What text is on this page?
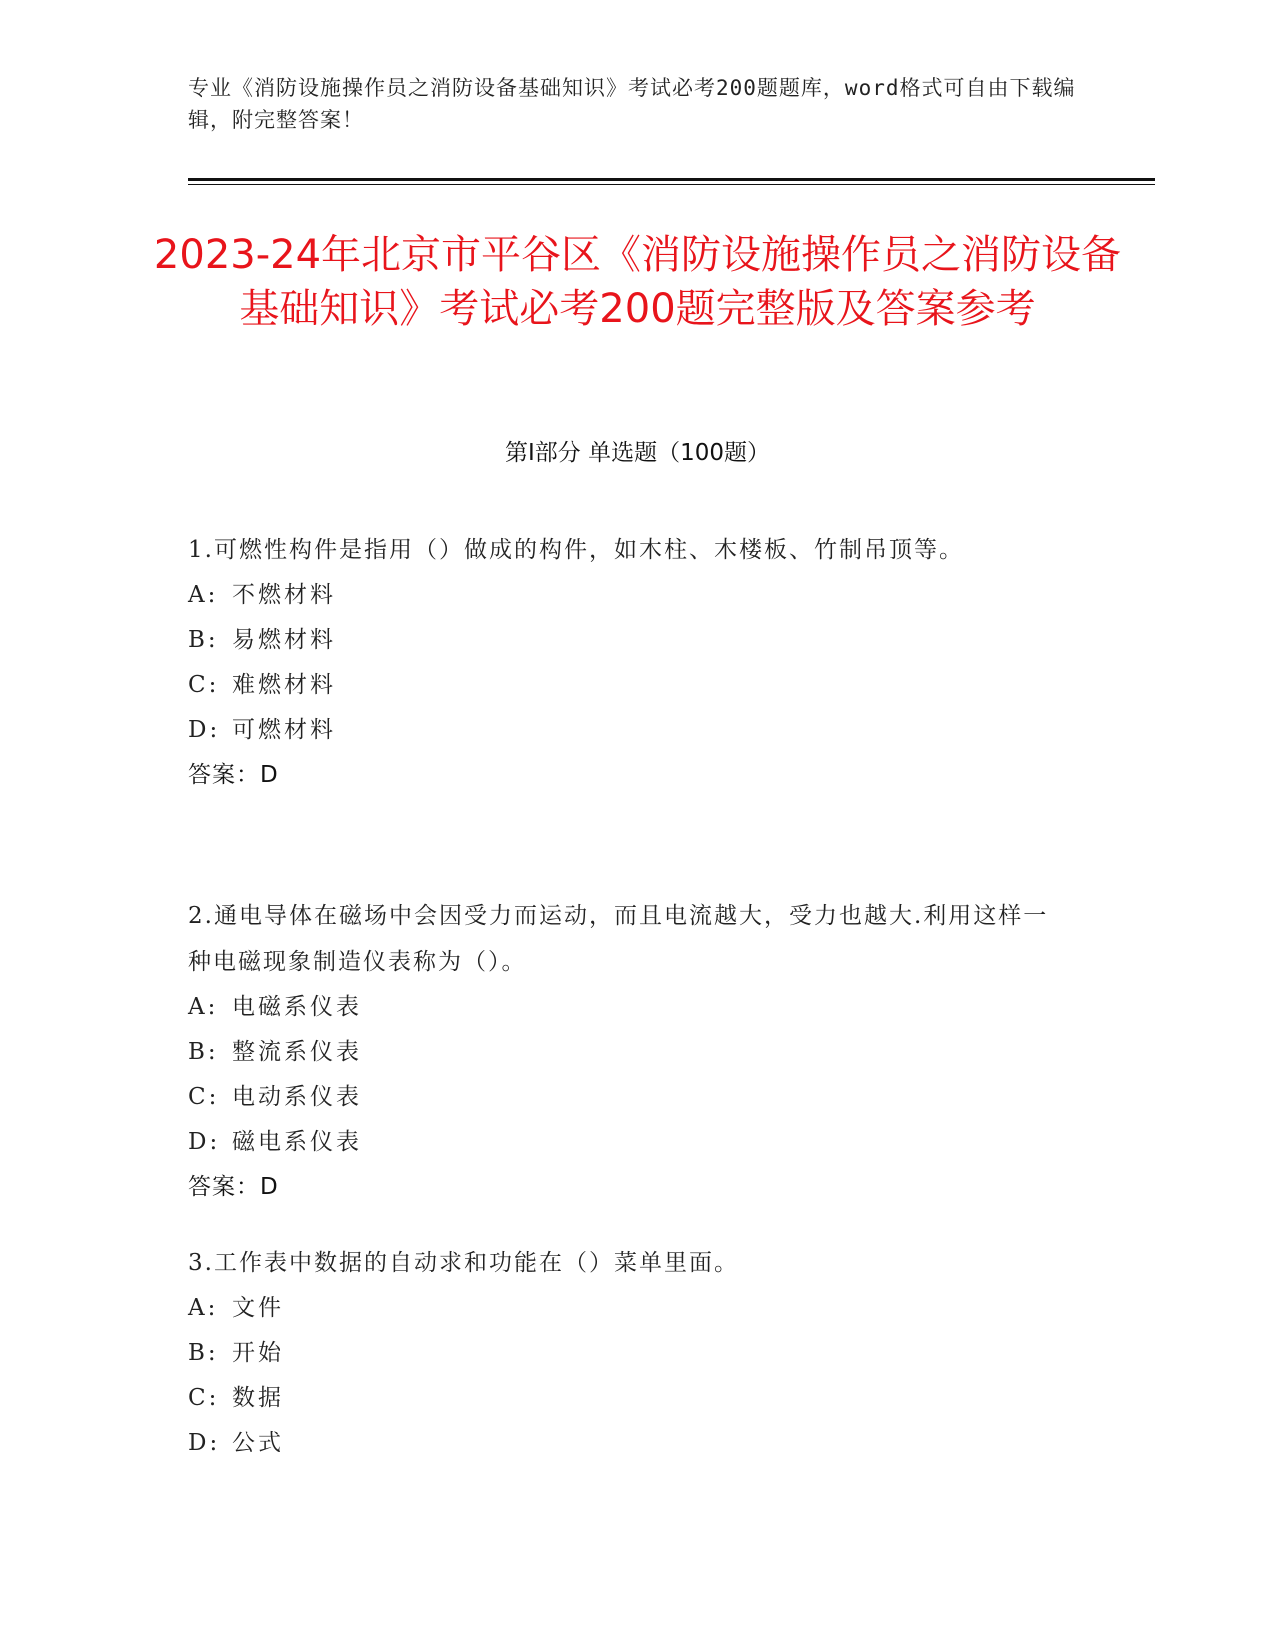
专业《消防设施操作员之消防设备基础知识》考试必考200题题库，word格式可自由下载编辑，附完整答案！
2023-24年北京市平谷区《消防设施操作员之消防设备基础知识》考试必考200题完整版及答案参考
第Ⅰ部分 单选题（100题）

1.可燃性构件是指用（）做成的构件，如木柱、木楼板、竹制吊顶等。

A: 不燃材料
B: 易燃材料
C: 难燃材料
D: 可燃材料
答案：D

2.通电导体在磁场中会因受力而运动，而且电流越大，受力也越大.利用这样一种电磁现象制造仪表称为（）。

A: 电磁系仪表
B: 整流系仪表
C: 电动系仪表
D: 磁电系仪表
答案：D

3.工作表中数据的自动求和功能在（）菜单里面。

A: 文件
B: 开始
C: 数据
D: 公式
